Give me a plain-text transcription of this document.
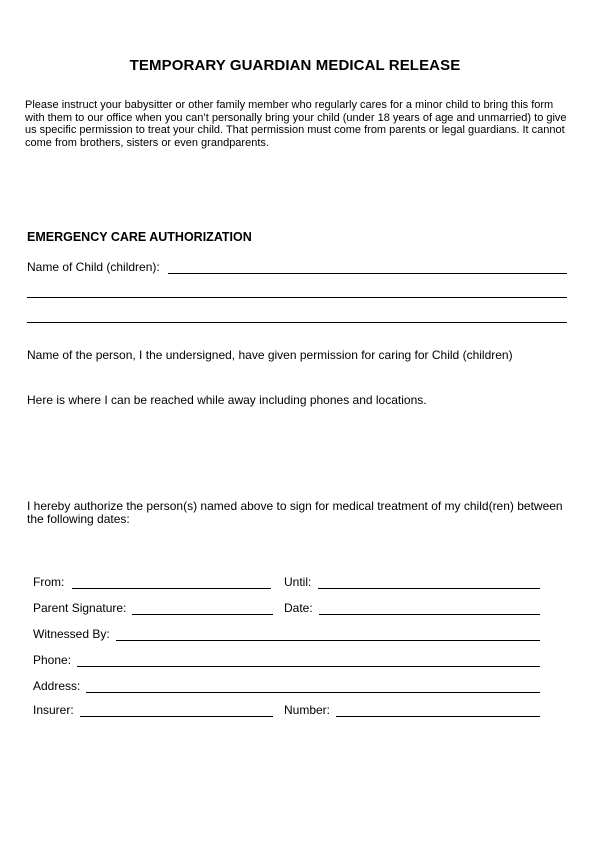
TEMPORARY GUARDIAN MEDICAL RELEASE
Please instruct your babysitter or other family member who regularly cares for a minor child to bring this form with them to our office when you can’t personally bring your child (under 18 years of age and unmarried) to give us specific permission to treat your child. That permission must come from parents or legal guardians. It cannot come from brothers, sisters or even grandparents.
EMERGENCY CARE AUTHORIZATION
Name of Child (children):
Name of the person, I the undersigned, have given permission for caring for Child (children)
Here is where I can be reached while away including phones and locations.
I hereby authorize the person(s) named above to sign for medical treatment of my child(ren) between the following dates:
From:	Until:
Parent Signature:	Date:
Witnessed By:
Phone:
Address:
Insurer:	Number:
